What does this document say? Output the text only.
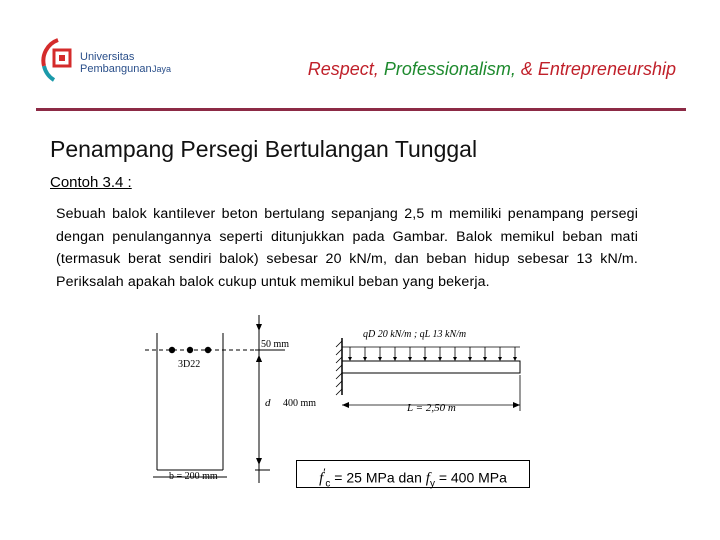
Universitas
Pembangunan Jaya	Respect, Professionalism, & Entrepreneurship
Penampang Persegi Bertulangan Tunggal
Contoh 3.4 :
Sebuah balok kantilever beton bertulang sepanjang 2,5 m memiliki penampang persegi dengan penulangannya seperti ditunjukkan pada Gambar. Balok memikul beban mati (termasuk berat sendiri balok) sebesar 20 kN/m, dan beban hidup sebesar 13 kN/m. Periksalah apakah balok cukup untuk memikul beban yang bekerja.
3D22
50 mm
d 400 mm
b = 200 mm
qD 20 kN/m ; qL 13 kN/m
L = 2,50 m
$f'_c = 25$ MPa dan $f_y = 400$ MPa
